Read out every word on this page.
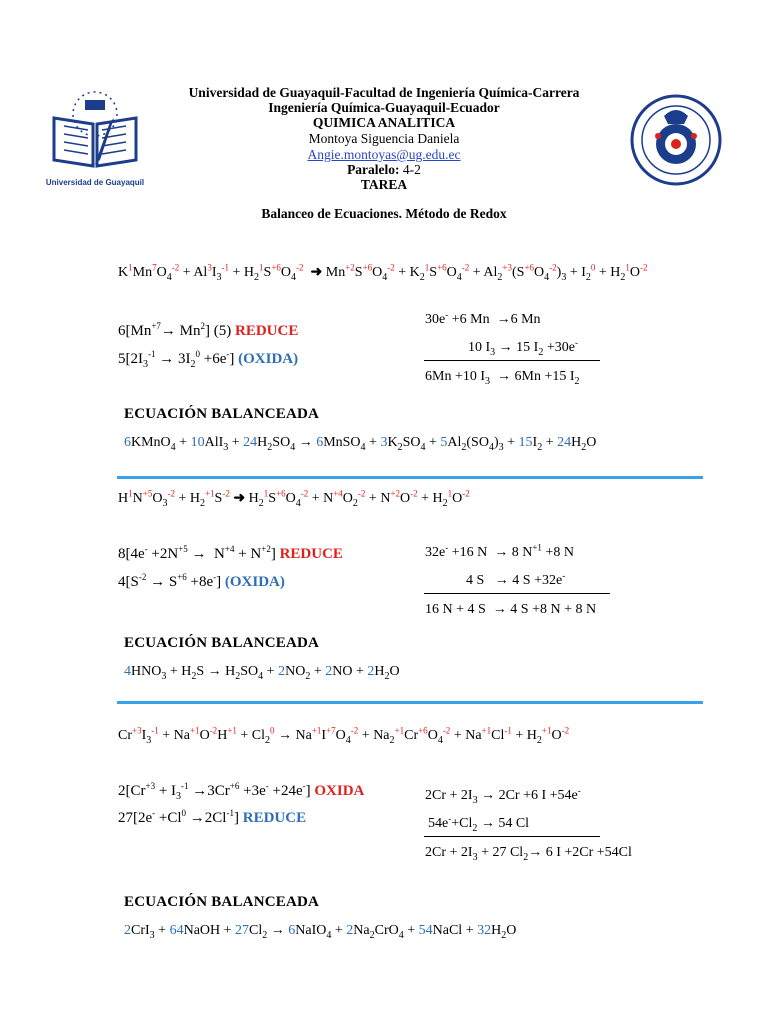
Universidad de Guayaquil-Facultad de Ingeniería Química-Carrera
Ingeniería Química-Guayaquil-Ecuador
QUIMICA ANALITICA
Montoya Siguencia Daniela
Angie.montoyas@ug.edu.ec
Paralelo: 4-2
TAREA
Balanceo de Ecuaciones. Método de Redox
Universidad de Guayaquil
$K^1Mn^7O_4^{-2} + Al^3I_3^{-1} + H_2^1S^{+6}O_4^{-2}$ ➜ $Mn^{+2}S^{+6}O_4^{-2} + K_2^1S^{+6}O_4^{-2} + Al_2^{+3}(S^{+6}O_4^{-2})_3 + I_2^0 + H_2^1O^{-2}$
$6[Mn^{+7}\to Mn^2]$ (5) REDUCE
$5[2I_3^{-1} \to 3I_2^0 +6e^-]$ (OXIDA)
30e- +6 Mn  →6 Mn
10 $I_3 \to 15$ $I_2 +30e^-$
6Mn +10 $I_3 \to 6Mn +15$ $I_2$
ECUACIÓN BALANCEADA
6KMnO$_4$ + $10AlI_3 + 24H_2SO_4$ → 6MnSO$_4$ + $3K_2SO_4 + 5Al_2(SO_4)_3 + 15I_2 + 24H_2O$
$H^1N^{+5}O_3^{-2} + H_2^{+1}S^{-2}$ ➜ $H_2^1S^{+6}O_4^{-2} + N^{+4}O_2^{-2} + N^{+2}O^{-2} + H_2^1O^{-2}$
$8[4e^- +2N^{+5} \to N^{+4} + N^{+2}]$ REDUCE
$4[S^{-2} \to S^{+6} +8e^-]$ (OXIDA)
32e- +16 N  → 8 $N^{+1} +8$ N
4 S   → 4 S +32e-
16 N + 4 S  → 4 S +8 N + 8 N
ECUACIÓN BALANCEADA
$4HNO_3 + H_2S \to H_2SO_4 + 2NO_2 + 2NO + 2H_2O$
$Cr^{+3}I_3^{-1} + Na^{+1}O^{-2}H^{+1} + Cl_2^0 \to Na^{+1}I^{+7}O_4^{-2} + Na_2^{+1}Cr^{+6}O_4^{-2} + Na^{+1}Cl^{-1} + H_2^{+1}O^{-2}$
$2[Cr^{+3} + I_3^{-1} \to 3Cr^{+6} +3e^- +24e^-]$ OXIDA
$27[2e^- +Cl^0 \to 2Cl^{-1}]$ REDUCE
$2Cr + 2I_3 \to 2Cr +6$ I +54e-
$54e^-+Cl_2 \to 54$ Cl
$2Cr + 2I_3 + 27$ $Cl_2\to 6$ I +2Cr +54Cl
ECUACIÓN BALANCEADA
2CrI$_3$ + 64NaOH + $27Cl_2$ → 6NaIO$_4$ + $2Na_2CrO_4$ + 54NaCl + $32H_2O$
